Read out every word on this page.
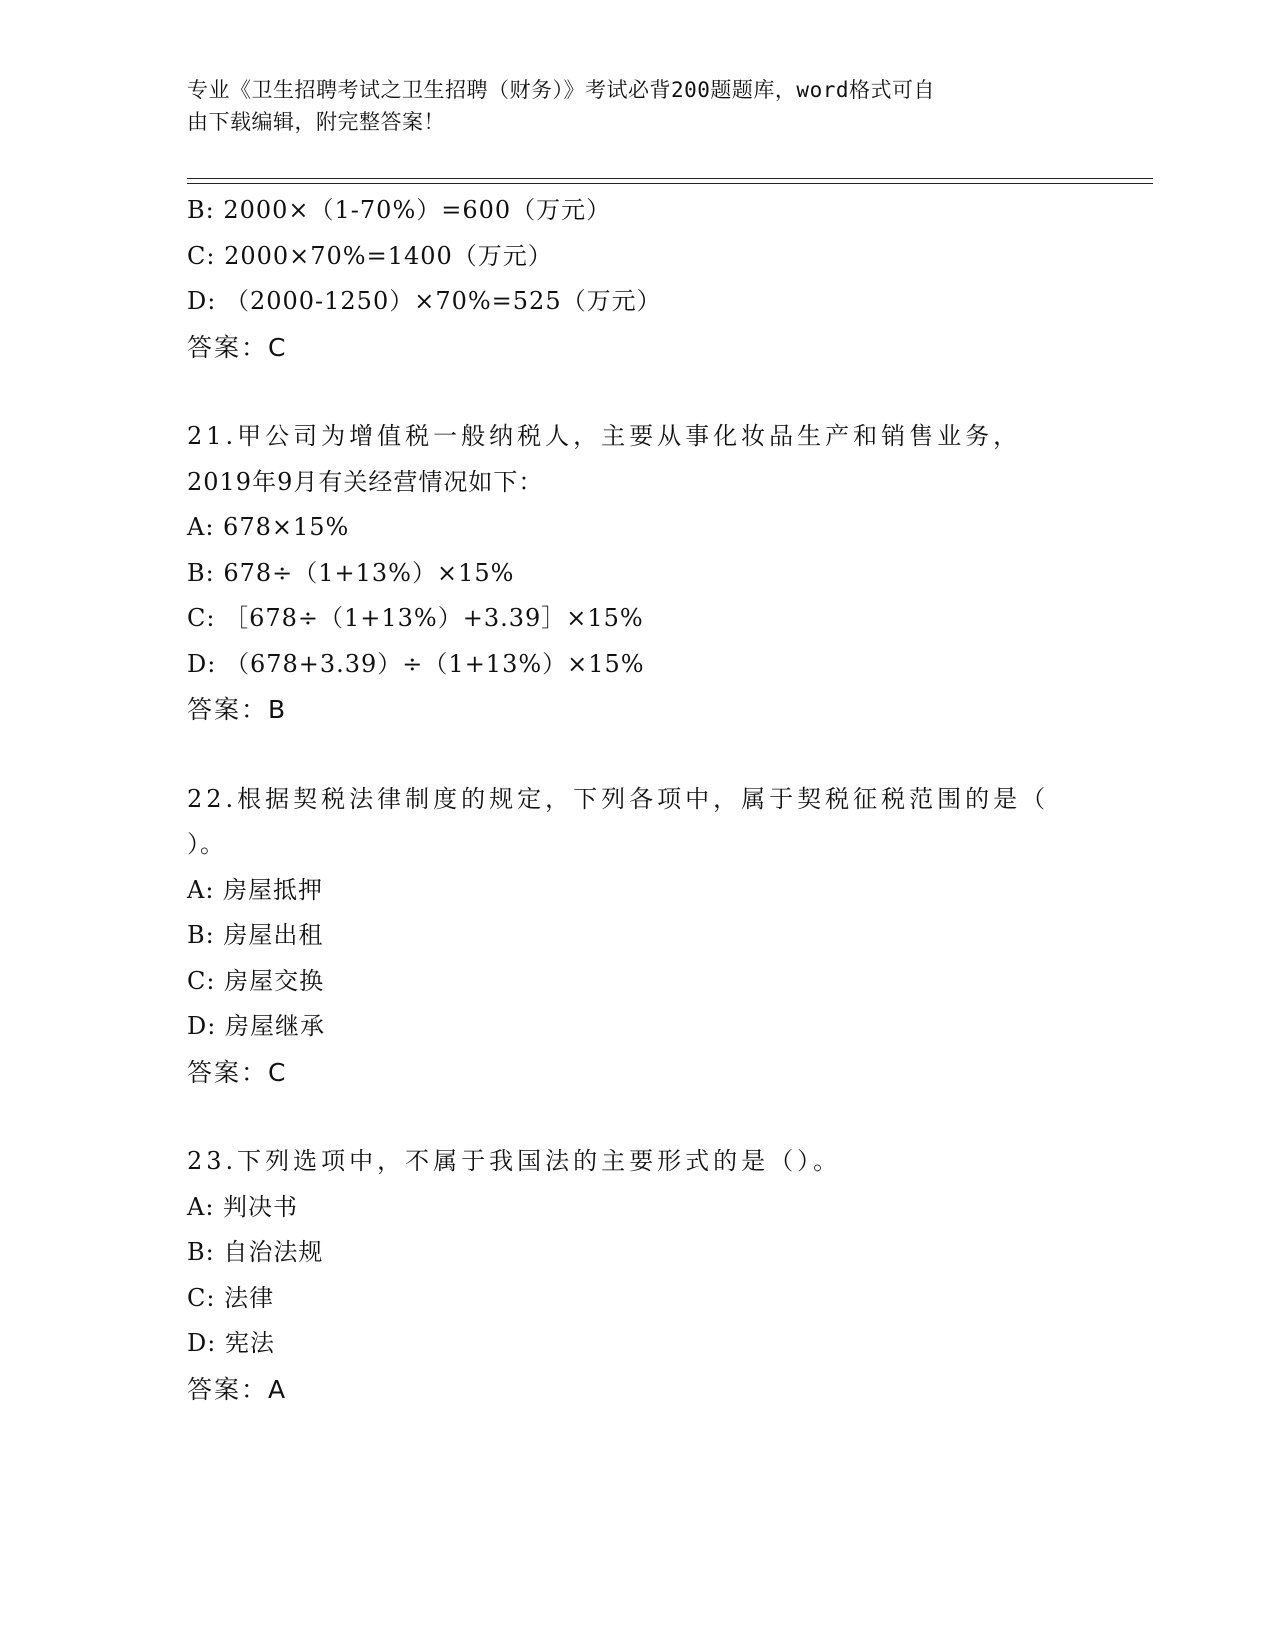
专业《卫生招聘考试之卫生招聘（财务）》考试必背200题题库，word格式可自
由下载编辑，附完整答案！
B: 2000×（1-70%）=600（万元）
C: 2000×70%=1400（万元）
D: （2000-1250）×70%=525（万元）
答案：C
21.甲公司为增值税一般纳税人，主要从事化妆品生产和销售业务，
2019年9月有关经营情况如下：
A: 678×15%
B: 678÷（1+13%）×15%
C: ［678÷（1+13%）+3.39］×15%
D: （678+3.39）÷（1+13%）×15%
答案：B
22.根据契税法律制度的规定，下列各项中，属于契税征税范围的是（
）。
A: 房屋抵押
B: 房屋出租
C: 房屋交换
D: 房屋继承
答案：C
23.下列选项中，不属于我国法的主要形式的是（）。
A: 判决书
B: 自治法规
C: 法律
D: 宪法
答案：A
